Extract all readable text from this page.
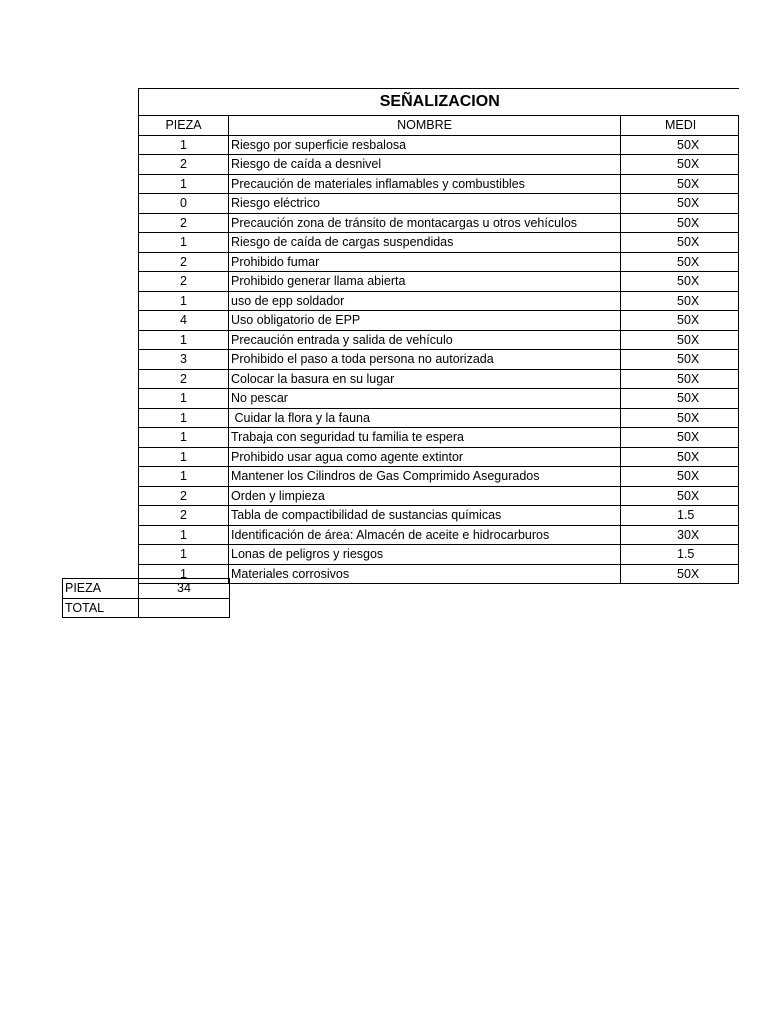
SEÑALIZACION		
PIEZA	NOMBRE	MEDI
1	Riesgo por superficie resbalosa	50X
2	Riesgo de caída a desnivel	50X
1	Precaución de materiales inflamables y combustibles	50X
0	Riesgo eléctrico	50X
2	Precaución zona de tránsito de montacargas u otros vehículos	50X
1	Riesgo de caída de cargas suspendidas	50X
2	Prohibido fumar	50X
2	Prohibido generar llama abierta	50X
1	uso de epp soldador	50X
4	Uso obligatorio de EPP	50X
1	Precaución entrada y salida de vehículo	50X
3	Prohibido el paso a toda persona no autorizada	50X
2	Colocar la basura en su lugar	50X
1	No pescar	50X
1	Cuidar la flora y la fauna	50X
1	Trabaja con seguridad tu familia te espera	50X
1	Prohibido usar agua como agente extintor	50X
1	Mantener los Cilindros de Gas Comprimido Asegurados	50X
2	Orden y limpieza	50X
2	Tabla de compactibilidad de sustancias químicas	1.5
1	Identificación de área: Almacén de aceite e hidrocarburos	30X
1	Lonas de peligros y riesgos	1.5
1	Materiales corrosivos	50X
PIEZA	34
TOTAL	
